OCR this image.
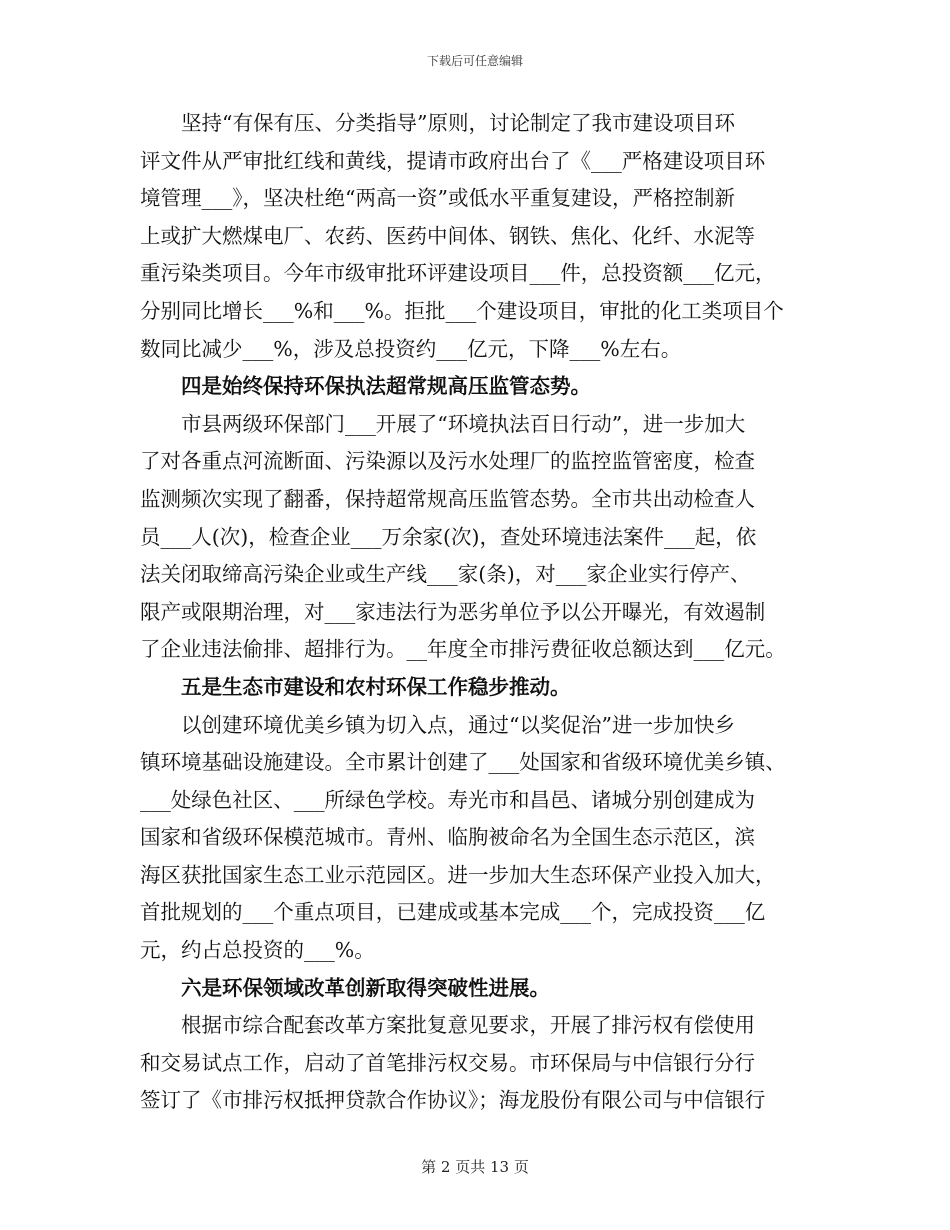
下载后可任意编辑
坚持“有保有压、分类指导”原则，讨论制定了我市建设项目环
评文件从严审批红线和黄线，提请市政府出台了《___严格建设项目环
境管理___》，坚决杜绝“两高一资”或低水平重复建设，严格控制新
上或扩大燃煤电厂、农药、医药中间体、钢铁、焦化、化纤、水泥等
重污染类项目。今年市级审批环评建设项目___件，总投资额___亿元，
分别同比增长___%和___%。拒批___个建设项目，审批的化工类项目个
数同比减少___%，涉及总投资约___亿元，下降___%左右。
四是始终保持环保执法超常规高压监管态势。
市县两级环保部门___开展了“环境执法百日行动”，进一步加大
了对各重点河流断面、污染源以及污水处理厂的监控监管密度，检查
监测频次实现了翻番，保持超常规高压监管态势。全市共出动检查人
员___人(次)，检查企业___万余家(次)，查处环境违法案件___起，依
法关闭取缔高污染企业或生产线___家(条)，对___家企业实行停产、
限产或限期治理，对___家违法行为恶劣单位予以公开曝光，有效遏制
了企业违法偷排、超排行为。__年度全市排污费征收总额达到___亿元。
五是生态市建设和农村环保工作稳步推动。
以创建环境优美乡镇为切入点，通过“以奖促治”进一步加快乡
镇环境基础设施建设。全市累计创建了___处国家和省级环境优美乡镇、
___处绿色社区、___所绿色学校。寿光市和昌邑、诸城分别创建成为
国家和省级环保模范城市。青州、临朐被命名为全国生态示范区，滨
海区获批国家生态工业示范园区。进一步加大生态环保产业投入加大，
首批规划的___个重点项目，已建成或基本完成___个，完成投资___亿
元，约占总投资的___%。
六是环保领域改革创新取得突破性进展。
根据市综合配套改革方案批复意见要求，开展了排污权有偿使用
和交易试点工作，启动了首笔排污权交易。市环保局与中信银行分行
签订了《市排污权抵押贷款合作协议》；海龙股份有限公司与中信银行
第 2 页共 13 页
